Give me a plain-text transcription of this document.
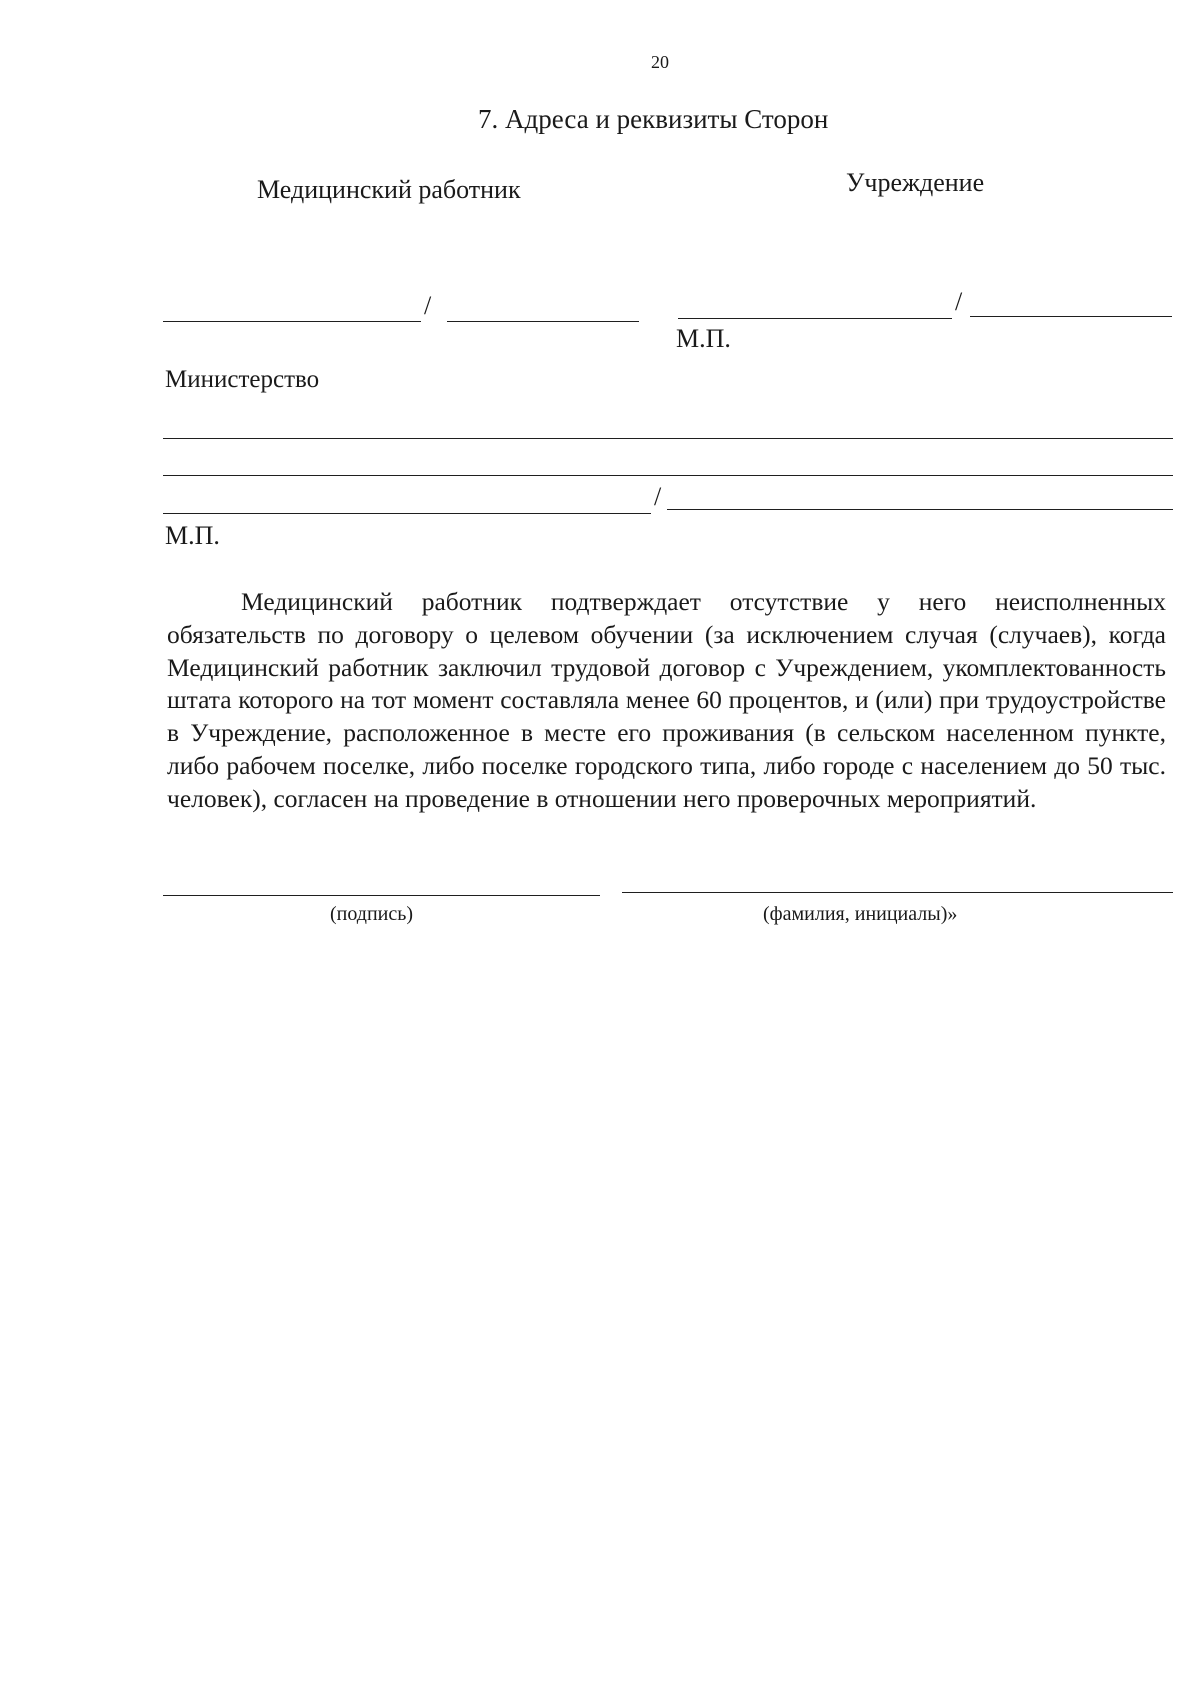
20
7. Адреса и реквизиты Сторон
Медицинский работник	Учреждение
/	/
М.П.
Министерство
/
М.П.

Медицинский работник подтверждает отсутствие у него неисполненных обязательств по договору о целевом обучении (за исключением случая (случаев), когда Медицинский работник заключил трудовой договор с Учреждением, укомплектованность штата которого на тот момент составляла менее 60 процентов, и (или) при трудоустройстве в Учреждение, расположенное в месте его проживания (в сельском населенном пункте, либо рабочем поселке, либо поселке городского типа, либо городе с населением до 50 тыс. человек), согласен на проведение в отношении него проверочных мероприятий.

(подпись)	(фамилия, инициалы)»
